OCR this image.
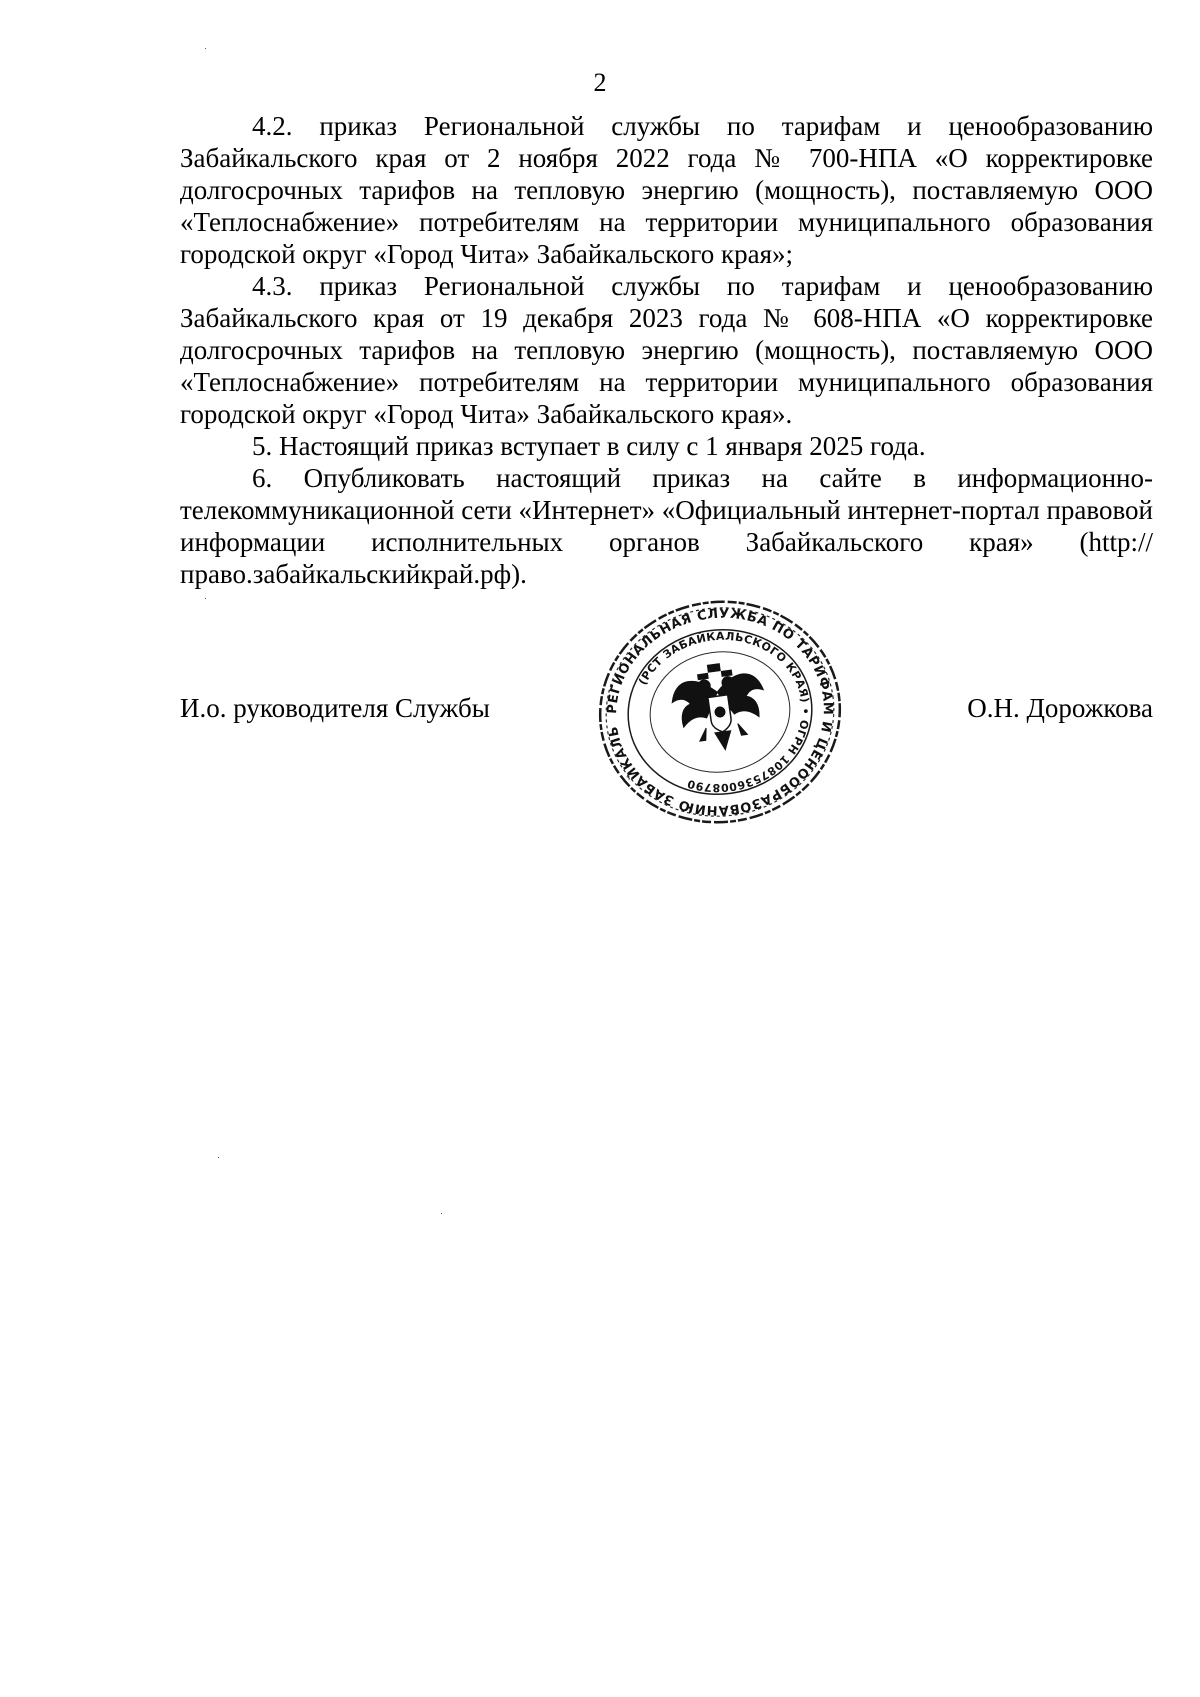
2

4.2. приказ Региональной службы по тарифам и ценообразованию Забайкальского края от 2 ноября 2022 года № 700-НПА «О корректировке долгосрочных тарифов на тепловую энергию (мощность), поставляемую ООО «Теплоснабжение» потребителям на территории муниципального образования городской округ «Город Чита» Забайкальского края»;

4.3. приказ Региональной службы по тарифам и ценообразованию Забайкальского края от 19 декабря 2023 года № 608-НПА «О корректировке долгосрочных тарифов на тепловую энергию (мощность), поставляемую ООО «Теплоснабжение» потребителям на территории муниципального образования городской округ «Город Чита» Забайкальского края».

5. Настоящий приказ вступает в силу с 1 января 2025 года.

6. Опубликовать настоящий приказ на сайте в информационно-телекоммуникационной сети «Интернет» «Официальный интернет-портал правовой информации исполнительных органов Забайкальского края» (http://право.забайкальскийкрай.рф).

И.о. руководителя Службы	О.Н. Дорожкова
РЕГИОНАЛЬНАЯ СЛУЖБА ПО ТАРИФАМ И ЦЕНООБРАЗОВАНИЮ ЗАБАЙКАЛЬСКОГО
(РСТ ЗАБАЙКАЛЬСКОГО КРАЯ) • ОГРН 1087536008790
